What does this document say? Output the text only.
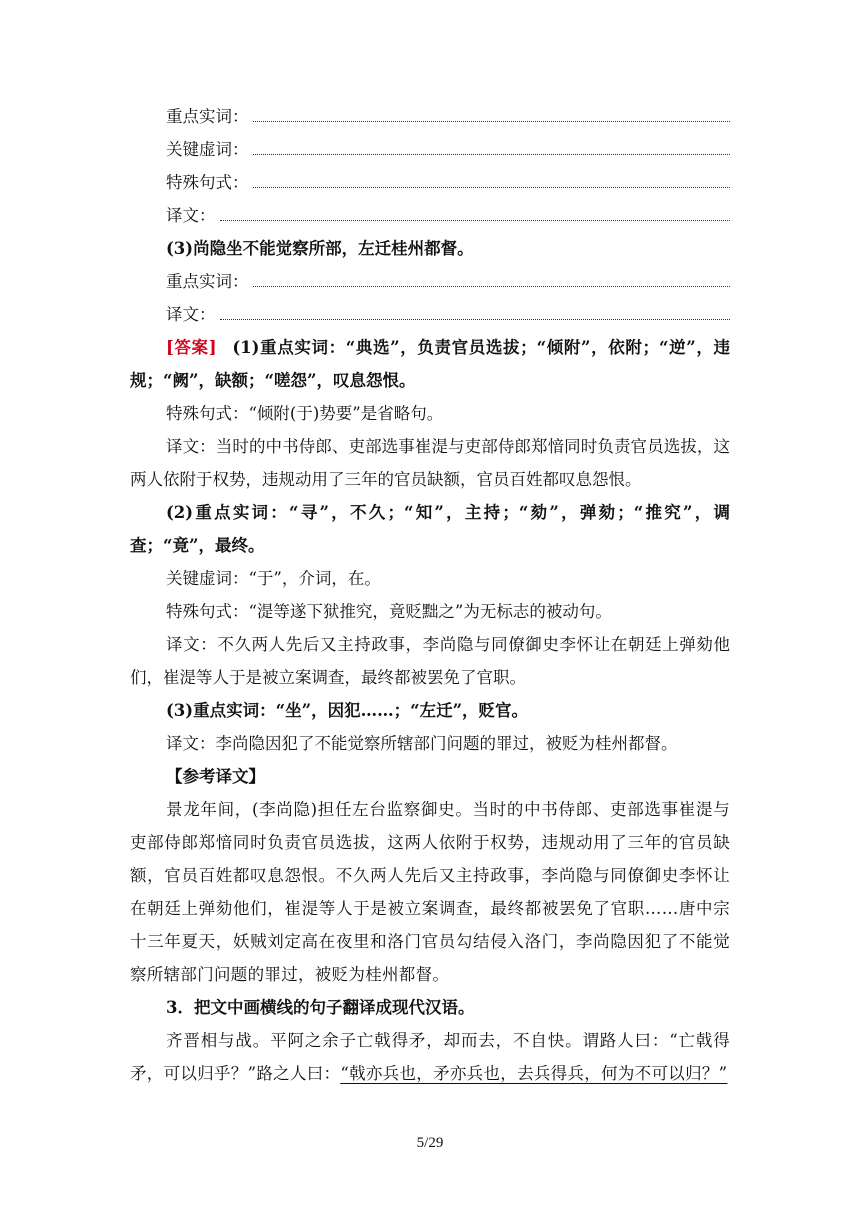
重点实词：
关键虚词：
特殊句式：
译文：
(3)尚隐坐不能觉察所部，左迁桂州都督。
重点实词：
译文：
[答案] (1)重点实词：“典选”，负责官员选拔；“倾附”，依附；“逆”，违规；“阙”，缺额；“嗟怨”，叹息怨恨。
特殊句式：“倾附(于)势要”是省略句。
译文：当时的中书侍郎、吏部选事崔湜与吏部侍郎郑愔同时负责官员选拔，这两人依附于权势，违规动用了三年的官员缺额，官员百姓都叹息怨恨。
(2)重点实词：“寻”，不久；“知”，主持；“劾”，弹劾；“推究”，调查；“竟”，最终。
关键虚词：“于”，介词，在。
特殊句式：“湜等遂下狱推究，竟贬黜之”为无标志的被动句。
译文：不久两人先后又主持政事，李尚隐与同僚御史李怀让在朝廷上弹劾他们，崔湜等人于是被立案调查，最终都被罢免了官职。
(3)重点实词：“坐”，因犯……；“左迁”，贬官。
译文：李尚隐因犯了不能觉察所辖部门问题的罪过，被贬为桂州都督。
【参考译文】
景龙年间，(李尚隐)担任左台监察御史。当时的中书侍郎、吏部选事崔湜与吏部侍郎郑愔同时负责官员选拔，这两人依附于权势，违规动用了三年的官员缺额，官员百姓都叹息怨恨。不久两人先后又主持政事，李尚隐与同僚御史李怀让在朝廷上弹劾他们，崔湜等人于是被立案调查，最终都被罢免了官职……唐中宗十三年夏天，妖贼刘定高在夜里和洛门官员勾结侵入洛门，李尚隐因犯了不能觉察所辖部门问题的罪过，被贬为桂州都督。
3．把文中画横线的句子翻译成现代汉语。
齐晋相与战。平阿之余子亡戟得矛，却而去，不自快。谓路人曰：“亡戟得矛，可以归乎？”路之人曰：“戟亦兵也，矛亦兵也，去兵得兵，何为不可以归？”
5/29
